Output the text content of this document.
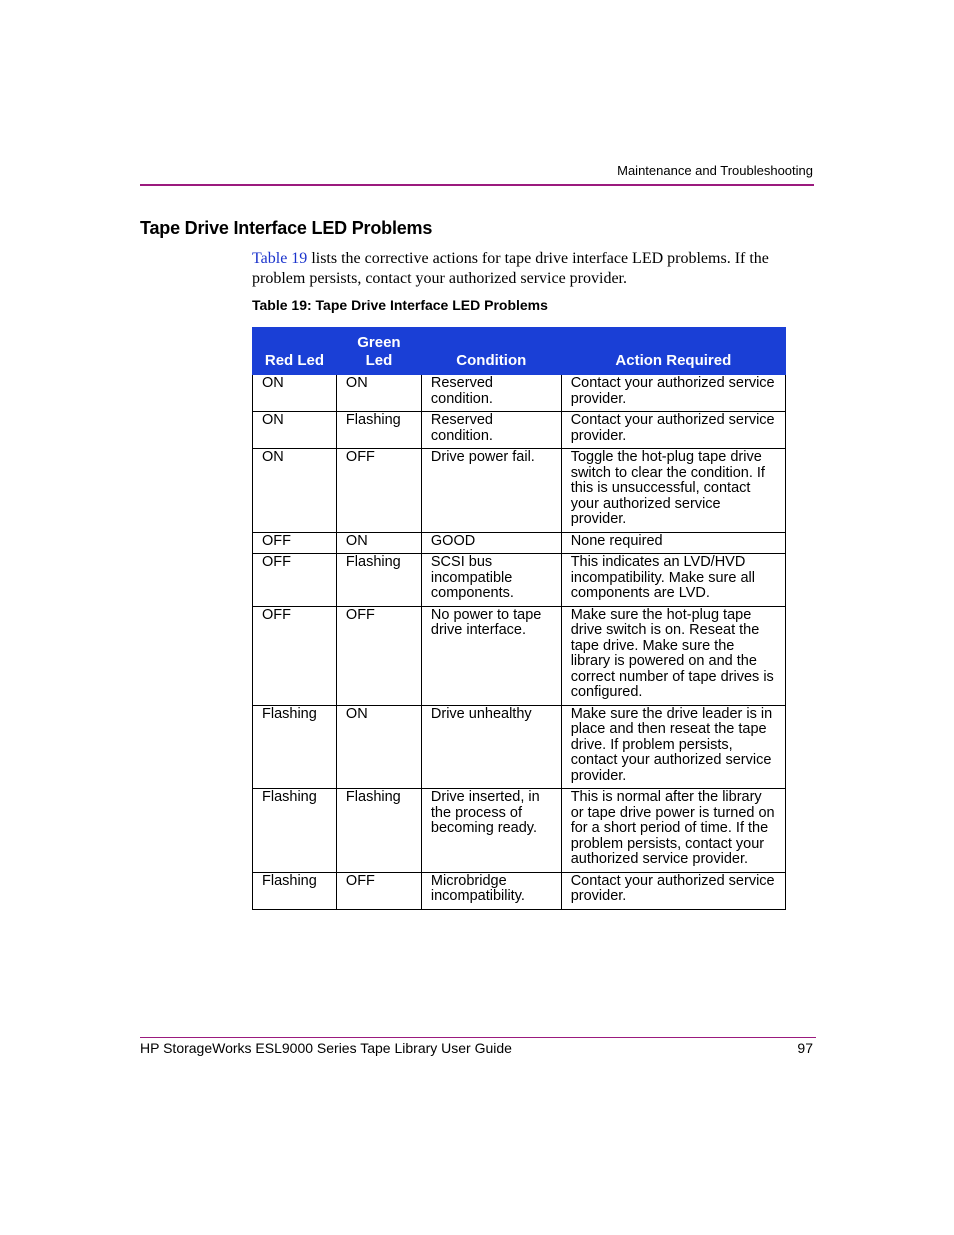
Maintenance and Troubleshooting
Tape Drive Interface LED Problems

Table 19 lists the corrective actions for tape drive interface LED problems. If the problem persists, contact your authorized service provider.

Table 19: Tape Drive Interface LED Problems
Red Led	Green Led	Condition	Action Required
ON	ON	Reserved condition.	Contact your authorized service provider.
ON	Flashing	Reserved condition.	Contact your authorized service provider.
ON	OFF	Drive power fail.	Toggle the hot-plug tape drive switch to clear the condition. If this is unsuccessful, contact your authorized service provider.
OFF	ON	GOOD	None required
OFF	Flashing	SCSI bus incompatible components.	This indicates an LVD/HVD incompatibility. Make sure all components are LVD.
OFF	OFF	No power to tape drive interface.	Make sure the hot-plug tape drive switch is on. Reseat the tape drive. Make sure the library is powered on and the correct number of tape drives is configured.
Flashing	ON	Drive unhealthy	Make sure the drive leader is in place and then reseat the tape drive. If problem persists, contact your authorized service provider.
Flashing	Flashing	Drive inserted, in the process of becoming ready.	This is normal after the library or tape drive power is turned on for a short period of time. If the problem persists, contact your authorized service provider.
Flashing	OFF	Microbridge incompatibility.	Contact your authorized service provider.
HP StorageWorks ESL9000 Series Tape Library User Guide	97
